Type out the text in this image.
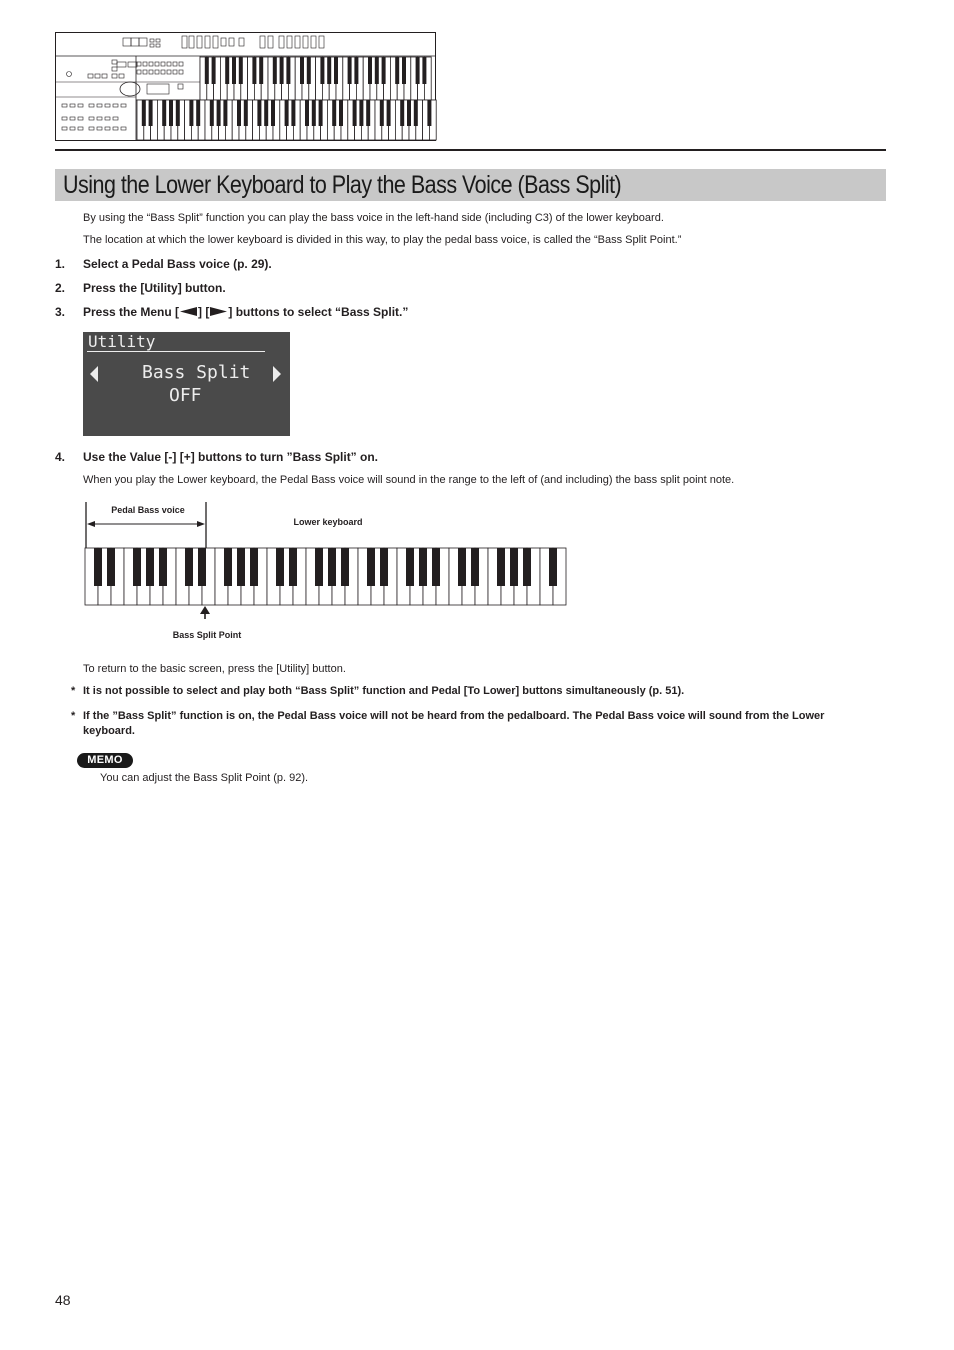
Using the Lower Keyboard to Play the Bass Voice (Bass Split)
By using the “Bass Split” function you can play the bass voice in the left-hand side (including C3) of the lower keyboard.
The location at which the lower keyboard is divided in this way, to play the pedal bass voice, is called the “Bass Split Point.”
1. Select a Pedal Bass voice (p. 29).
2. Press the [Utility] button.
3. Press the Menu [ ] [ ] buttons to select “Bass Split.”
Utility
Bass Split
OFF
4. Use the Value [-] [+] buttons to turn ”Bass Split” on.
When you play the Lower keyboard, the Pedal Bass voice will sound in the range to the left of (and including) the bass split point note.
Pedal Bass voice
Lower keyboard
Bass Split Point
To return to the basic screen, press the [Utility] button.
* It is not possible to select and play both “Bass Split” function and Pedal [To Lower] buttons simultaneously (p. 51).
* If the ”Bass Split” function is on, the Pedal Bass voice will not be heard from the pedalboard. The Pedal Bass voice will sound from the Lower
keyboard.
MEMO
You can adjust the Bass Split Point (p. 92).
48
